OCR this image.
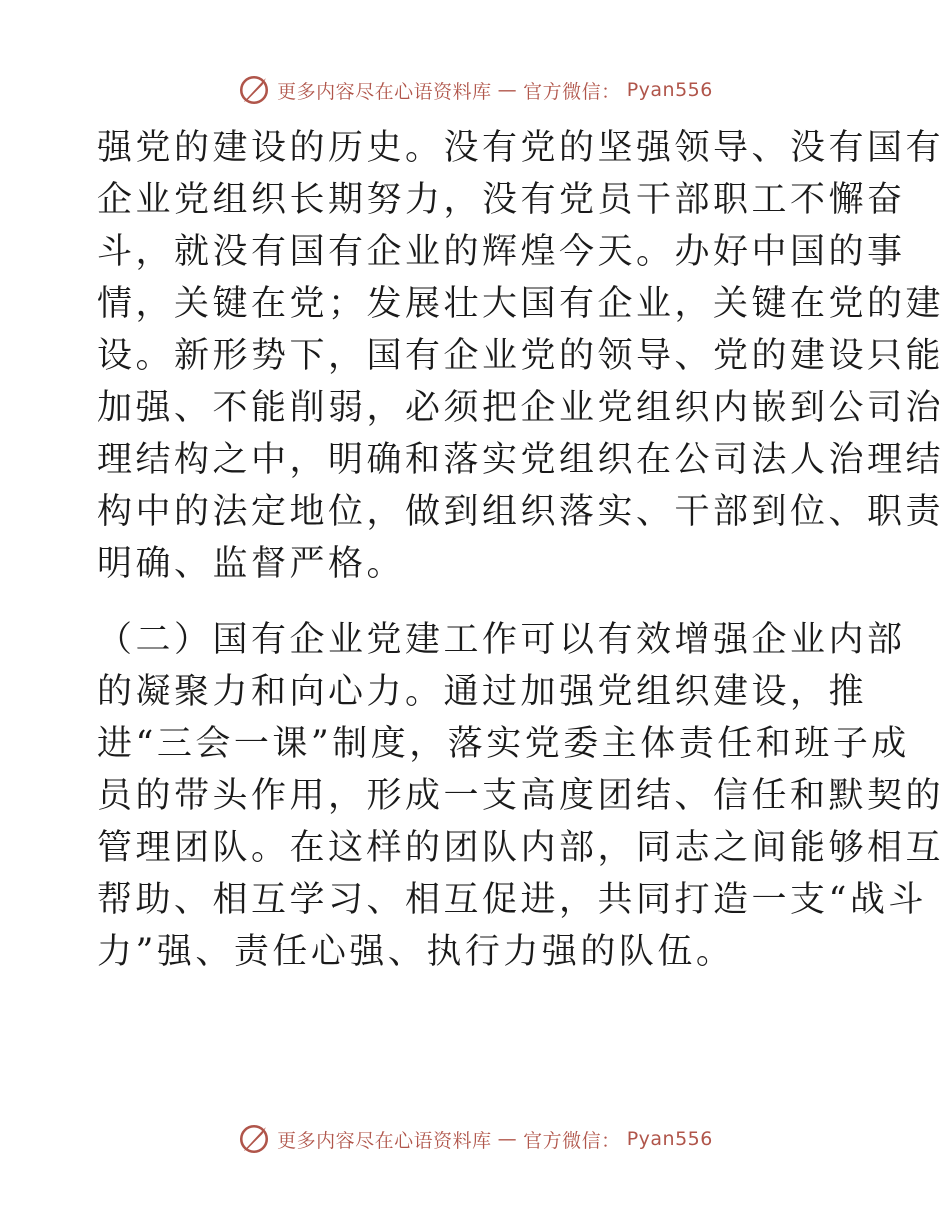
更多内容尽在心语资料库 — 官方微信： Pyan556
强党的建设的历史。没有党的坚强领导、没有国有
企业党组织长期努力，没有党员干部职工不懈奋
斗，就没有国有企业的辉煌今天。办好中国的事
情，关键在党；发展壮大国有企业，关键在党的建
设。新形势下，国有企业党的领导、党的建设只能
加强、不能削弱，必须把企业党组织内嵌到公司治
理结构之中，明确和落实党组织在公司法人治理结
构中的法定地位，做到组织落实、干部到位、职责
明确、监督严格。
（二）国有企业党建工作可以有效增强企业内部
的凝聚力和向心力。通过加强党组织建设，推
进“三会一课”制度，落实党委主体责任和班子成
员的带头作用，形成一支高度团结、信任和默契的
管理团队。在这样的团队内部，同志之间能够相互
帮助、相互学习、相互促进，共同打造一支“战斗
力”强、责任心强、执行力强的队伍。
更多内容尽在心语资料库 — 官方微信： Pyan556
